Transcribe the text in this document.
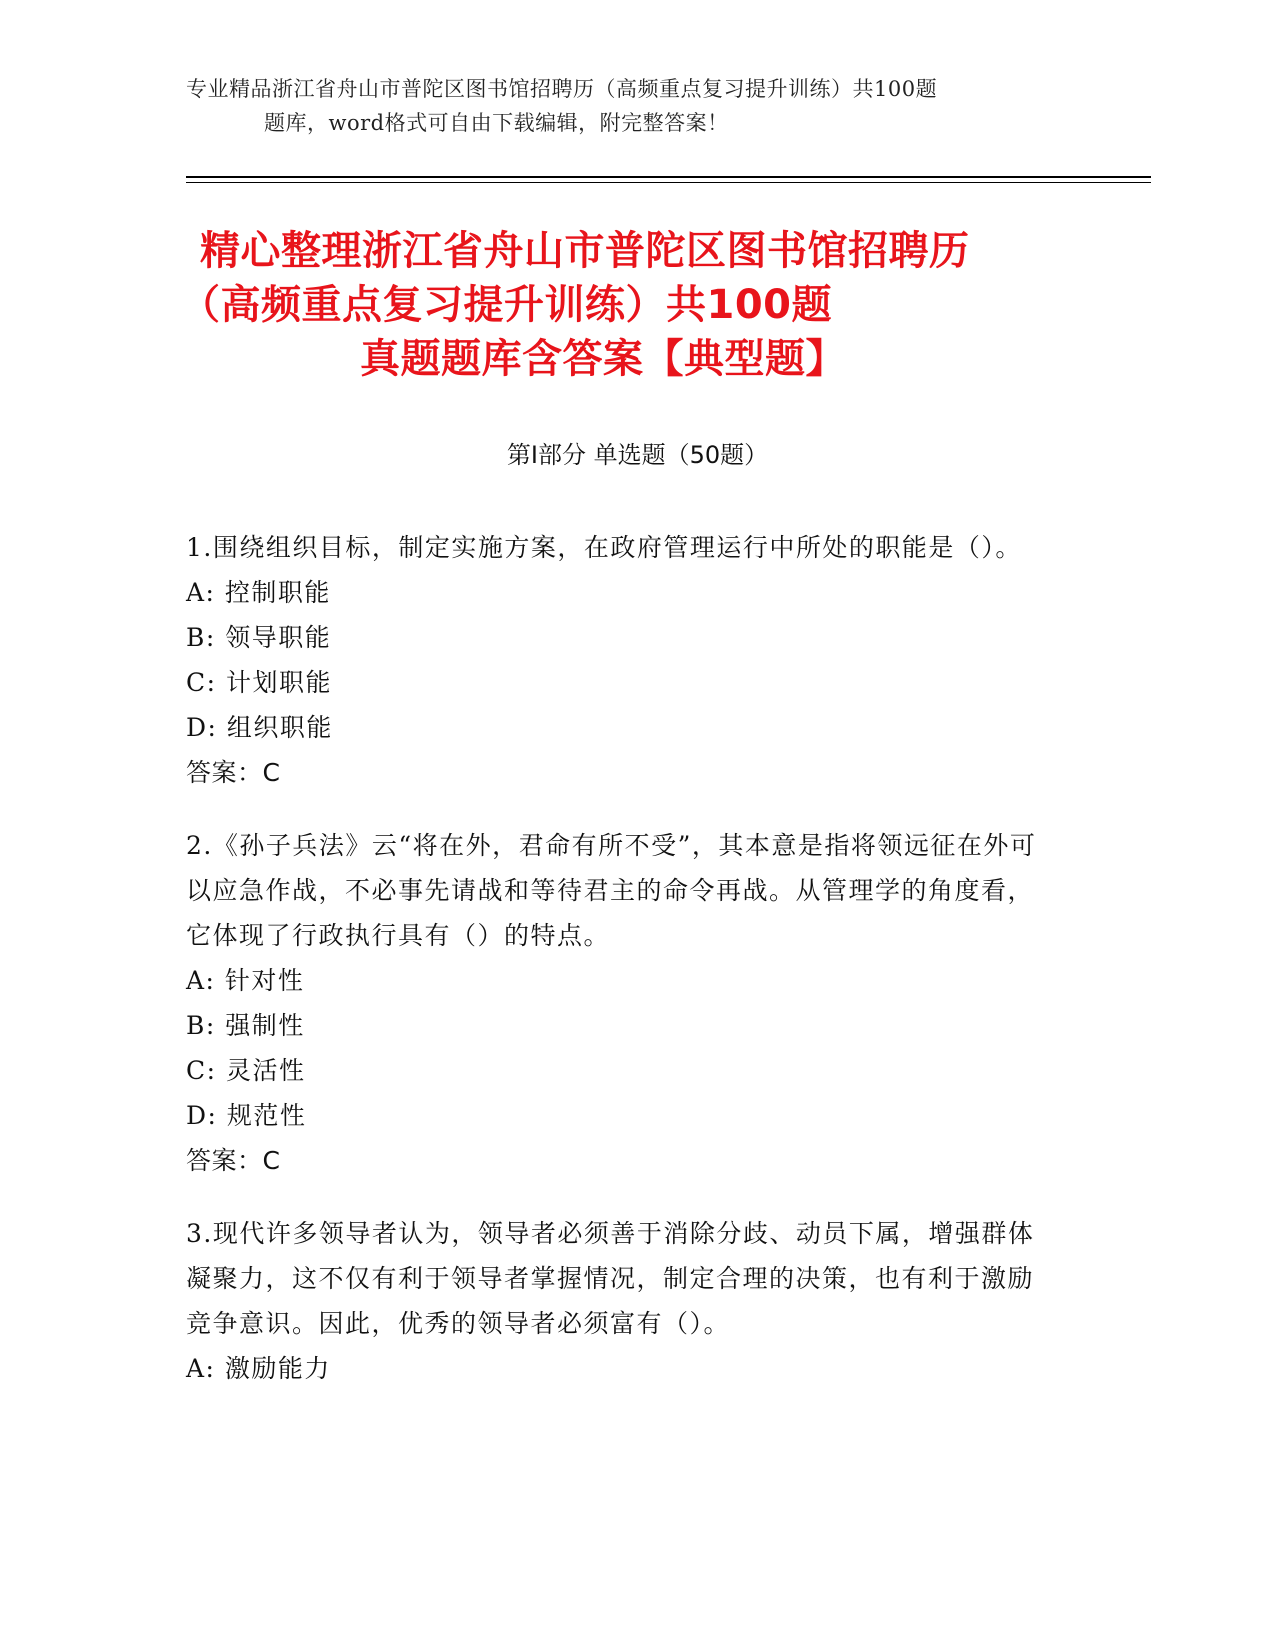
专业精品浙江省舟山市普陀区图书馆招聘历（高频重点复习提升训练）共100题
题库，word格式可自由下载编辑，附完整答案！
精心整理浙江省舟山市普陀区图书馆招聘历
（高频重点复习提升训练）共100题
真题题库含答案【典型题】
第I部分 单选题（50题）
1.围绕组织目标，制定实施方案，在政府管理运行中所处的职能是（）。
A: 控制职能
B: 领导职能
C: 计划职能
D: 组织职能
答案：C
2.《孙子兵法》云“将在外，君命有所不受”，其本意是指将领远征在外可以应急作战，不必事先请战和等待君主的命令再战。从管理学的角度看，它体现了行政执行具有（）的特点。
A: 针对性
B: 强制性
C: 灵活性
D: 规范性
答案：C
3.现代许多领导者认为，领导者必须善于消除分歧、动员下属，增强群体凝聚力，这不仅有利于领导者掌握情况，制定合理的决策，也有利于激励竞争意识。因此，优秀的领导者必须富有（）。
A: 激励能力
